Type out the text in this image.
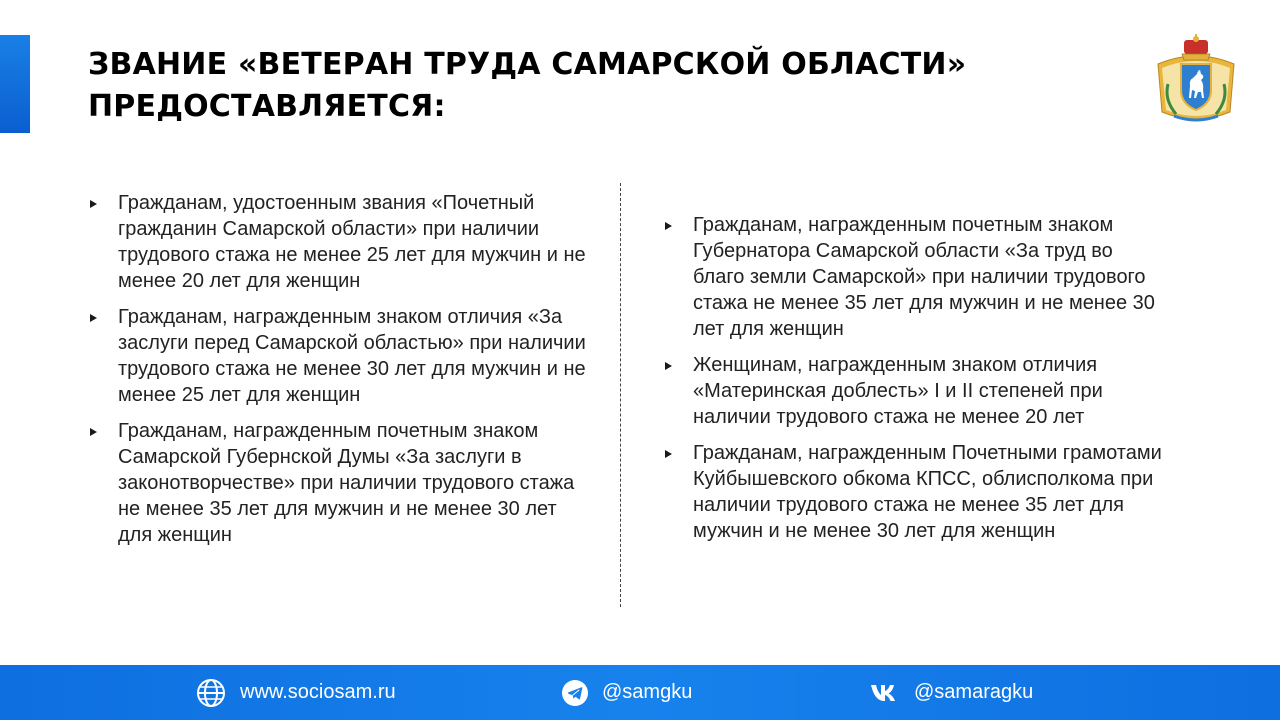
ЗВАНИЕ «ВЕТЕРАН ТРУДА САМАРСКОЙ ОБЛАСТИ»
ПРЕДОСТАВЛЯЕТСЯ:
Гражданам, удостоенным звания «Почетный гражданин Самарской области» при наличии трудового стажа не менее 25 лет для мужчин и не менее 20 лет для женщин
Гражданам, награжденным знаком отличия «За заслуги перед Самарской областью» при наличии трудового стажа не менее 30 лет для мужчин и не менее 25 лет для женщин
Гражданам, награжденным почетным знаком Самарской Губернской Думы «За заслуги в законотворчестве» при наличии трудового стажа не менее 35 лет для мужчин и не менее 30 лет для женщин
Гражданам, награжденным почетным знаком Губернатора Самарской области «За труд во благо земли Самарской» при наличии трудового стажа не менее 35 лет для мужчин и не менее 30 лет для женщин
Женщинам, награжденным знаком отличия «Материнская доблесть» I и II степеней при наличии трудового стажа не менее 20 лет
Гражданам, награжденным Почетными грамотами Куйбышевского обкома КПСС, облисполкома при наличии трудового стажа не менее 35 лет для мужчин и не менее 30 лет для женщин
www.sociosam.ru	@samgku	@samaragku
